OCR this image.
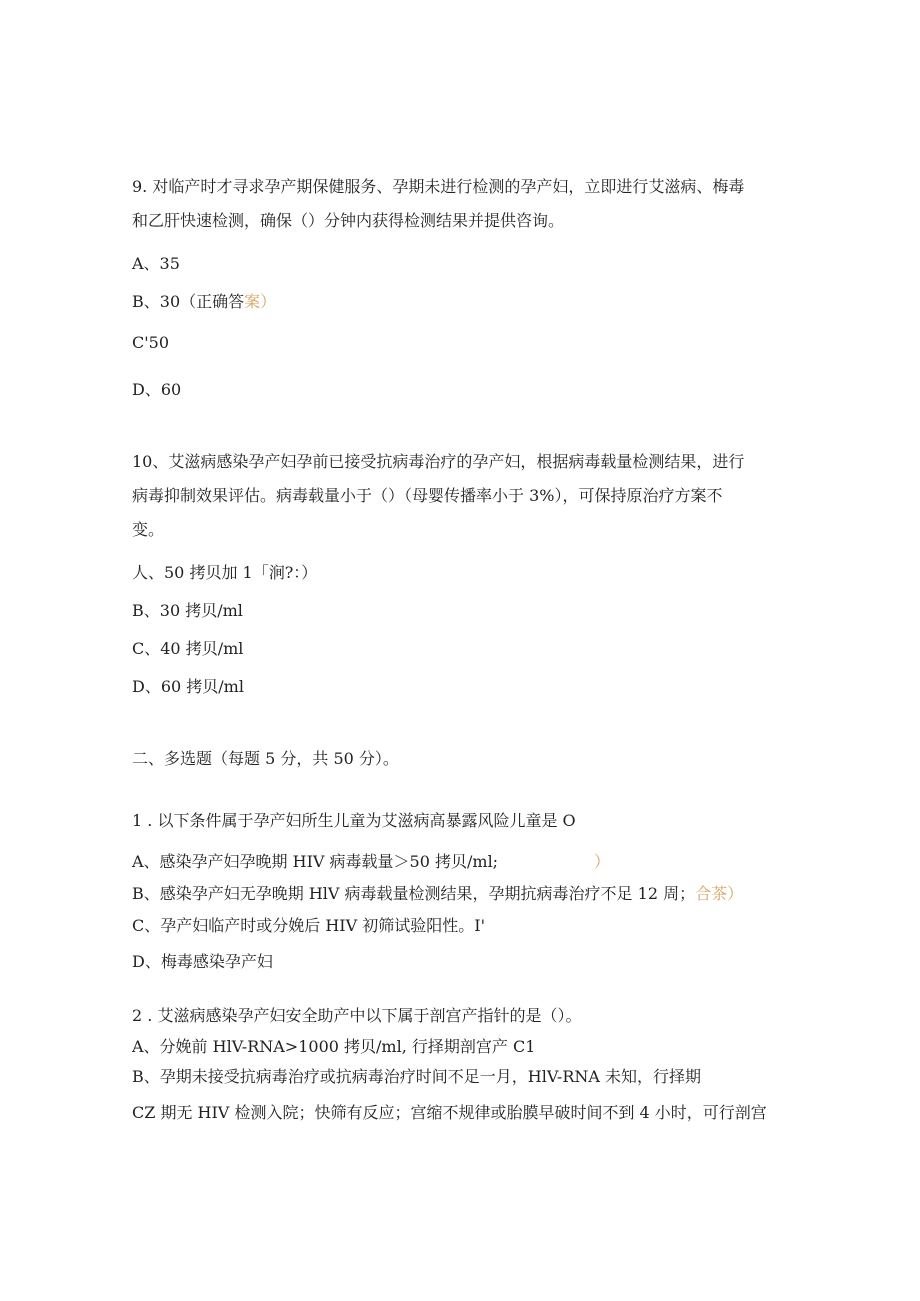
9. 对临产时才寻求孕产期保健服务、孕期未进行检测的孕产妇，立即进行艾滋病、梅毒
和乙肝快速检测，确保（）分钟内获得检测结果并提供咨询。
A、35
B、30（正确答案）
C'50
D、60
10、艾滋病感染孕产妇孕前已接受抗病毒治疗的孕产妇，根据病毒载量检测结果，进行
病毒抑制效果评估。病毒载量小于（）（母婴传播率小于 3%），可保持原治疗方案不
变。
人、50 拷贝加 1「涧?：）
B、30 拷贝/ml
C、40 拷贝/ml
D、60 拷贝/ml
二、多选题（每题 5 分，共 50 分）。
1 . 以下条件属于孕产妇所生儿童为艾滋病高暴露风险儿童是 O
A、感染孕产妇孕晚期 HIV 病毒载量＞50 拷贝/ml;	）
B、感染孕产妇无孕晚期 HlV 病毒载量检测结果，孕期抗病毒治疗不足 12 周；合茶）
C、孕产妇临产时或分娩后 HIV 初筛试验阳性。I'
D、梅毒感染孕产妇
2 . 艾滋病感染孕产妇安全助产中以下属于剖宫产指针的是（）。
A、分娩前 HlV-RNA>1000 拷贝/ml, 行择期剖宫产 C1
B、孕期未接受抗病毒治疗或抗病毒治疗时间不足一月，HlV-RNA 未知，行择期
CZ 期无 HIV 检测入院；快筛有反应；宫缩不规律或胎膜早破时间不到 4 小时，可行剖宫
